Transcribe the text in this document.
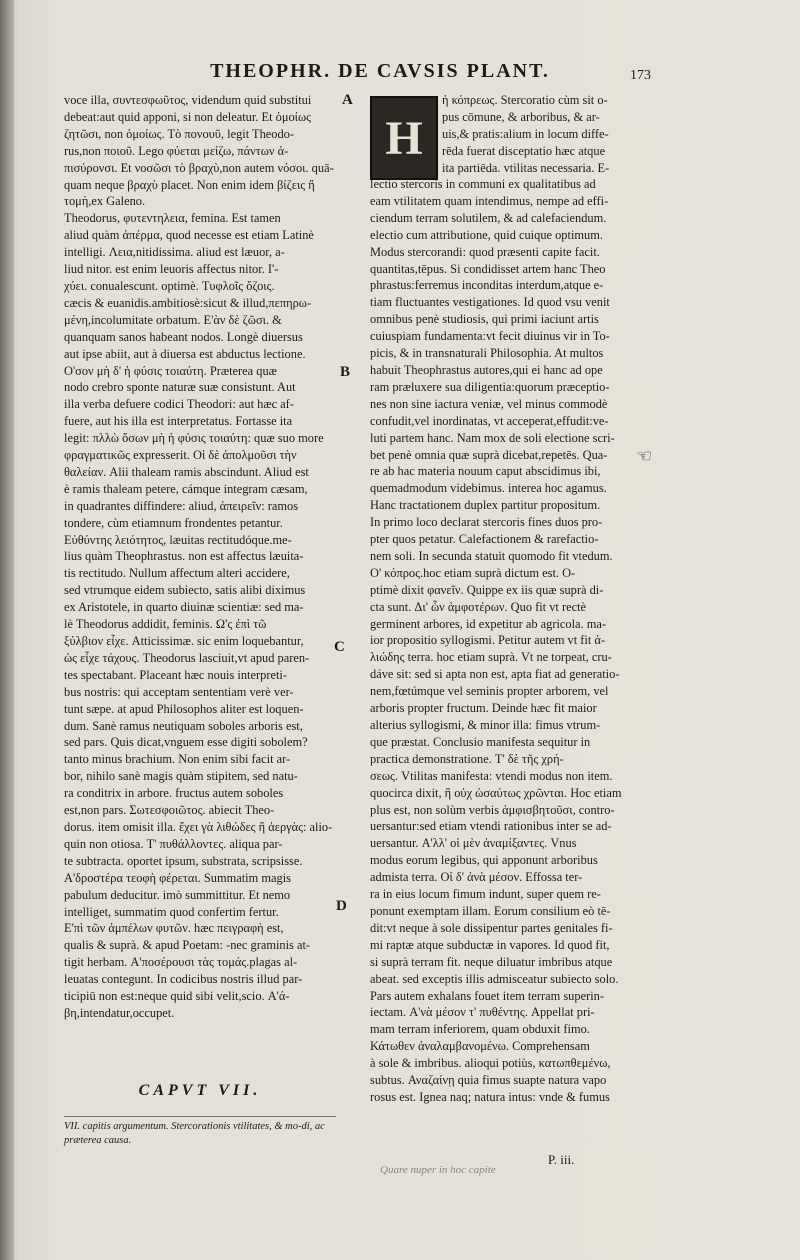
THEOPHR. DE CAVSIS PLANT.	173
A
B
C
D
voce illa, συντεσφωῦτος, videndum quid substitui
debeat:aut quid apponi, si non deleatur. Et ὁμοίως
ζητῶσι, non ὁμοίως. Τὸ πονουῦ, legit Theodo-
rus,non ποιοῦ. Lego φύεται μείζω, πάντων ἀ-
πισύρονσι. Et νοσῶσι τὸ βραχὺ,non autem νόσοι. quā-
quam neque βραχὺ placet. Non enim idem βίζεις ἢ
τομὴ,ex Galeno.
Theodorus, φυτεντηλεια, femina. Est tamen
aliud quàm ἀπέρμα, quod necesse est etiam Latinè
intelligi. Λεια,nitidissima. aliud est læuor, a-
liud nitor. est enim leuoris affectus nitor. Ι'-
χύει. conualescunt. optimè. Τυφλοῖς ὄζοις.
cæcis & euanidis.ambitiosè:sicut & illud,πεπηρω-
μένη,incolumitate orbatum. Ε'ὰν δὲ ζῶσι. &
quanquam sanos habeant nodos. Longè diuersus
aut ipse abiit, aut à diuersa est abductus lectione.
Ο'σον μὴ δ' ἡ φύσις τοιαύτη. Præterea quæ
nodo crebro sponte naturæ suæ consistunt. Aut
illa verba defuere codici Theodori: aut hæc af-
fuere, aut his illa est interpretatus. Fortasse ita
legit: πλλὼ ὅσων μὴ ἡ φύσις τοιαύτη: quæ suo more
φραγματικῶς expresserit. Οἱ δὲ ἀπολμοῦσι τὴν
θαλείαν. Alii thaleam ramis abscindunt. Aliud est
è ramis thaleam petere, cámque integram cæsam,
in quadrantes diffindere: aliud, ἀπειρεῖν: ramos
tondere, cùm etiamnum frondentes petantur.
Εὐθύντης λειότητος, læuitas rectitudóque.me-
lius quàm Theophrastus. non est affectus læuita-
tis rectitudo. Nullum affectum alteri accidere,
sed vtrumque eidem subiecto, satis alibi diximus
ex Aristotele, in quarto diuinæ scientiæ: sed ma-
lè Theodorus addidit, feminis. Ω'ς ἐπὶ τῶ
ξύλβιον εἶχε. Atticissimæ. sic enim loquebantur,
ὡς εἶχε τάχους. Theodorus lasciuit,vt apud paren-
tes spectabant. Placeant hæc nouis interpreti-
bus nostris: qui acceptam sententiam verè ver-
tunt sæpe. at apud Philosophos aliter est loquen-
dum. Sanè ramus neutiquam soboles arboris est,
sed pars. Quis dicat,vnguem esse digiti sobolem?
tanto minus brachium. Non enim sibi facit ar-
bor, nihilo sanè magis quàm stipitem, sed natu-
ra conditrix in arbore. fructus autem soboles
est,non pars. Σωτεσφοιῶτος. abiecit Theo-
dorus. item omisit illa. ἔχει γὰ λιθώδες ἢ ἀεργὰς: alio-
quin non otiosa. Τ' πυθάλλοντες. aliqua par-
te subtracta. oportet ipsum, substrata, scripsisse.
Α'δροστέρα τεοφὴ φέρεται. Summatim magis
pabulum deducitur. imò summittitur. Et nemo
intelliget, summatim quod confertim fertur.
Ε'πὶ τῶν ἀμπέλων φυτῶν. hæc πειγραφὴ est,
qualis & suprà. & apud Poetam: -nec graminis at-
tigit herbam. Α'ποσέρουσι τὰς τομάς.plagas al-
leuatas contegunt. In codicibus nostris illud par-
ticipiū non est:neque quid sibi velit,scio. Α'ά-
βη,intendatur,occupet.
H
ἡ κόπρεως. Stercoratio cùm sit o-
pus cōmune, & arboribus, & ar-
uis,& pratis:alium in locum diffe-
rēda fuerat disceptatio hæc atque
ita partiēda. vtilitas necessaria. E-
lectio stercoris in communi ex qualitatibus ad
eam vtilitatem quam intendimus, nempe ad effi-
ciendum terram solutilem, & ad calefaciendum.
electio cum attributione, quid cuique optimum.
Modus stercorandi: quod præsenti capite facit.
quantitas,tēpus. Si condidisset artem hanc Theo
phrastus:ferremus inconditas interdum,atque e-
tiam fluctuantes vestigationes. Id quod vsu venit
omnibus penè studiosis, qui primi iaciunt artis
cuiuspiam fundamenta:vt fecit diuinus vir in To-
picis, & in transnaturali Philosophia. At multos
habuit Theophrastus autores,qui ei hanc ad ope
ram præluxere sua diligentia:quorum præceptio-
nes non sine iactura veniæ, vel minus commodè
confudit,vel inordinatas, vt acceperat,effudit:ve-
luti partem hanc. Nam mox de soli electione scri-
bet penè omnia quæ suprà dicebat,repetēs. Qua-
re ab hac materia nouum caput abscidimus ibi,
quemadmodum videbimus. interea hoc agamus.
Hanc tractationem duplex partitur propositum.
In primo loco declarat stercoris fines duos pro-
pter quos petatur. Calefactionem & rarefactio-
nem soli. In secunda statuit quomodo fit vtedum.
Ο' κόπρος.hoc etiam suprà dictum est. O-
ptimè dixit φανεῖν. Quippe ex iis quæ suprà di-
cta sunt. Δι' ὧν ἀμφοτέρων. Quo fit vt rectè
germinent arbores, id expetitur ab agricola. ma-
ior propositio syllogismi. Petitur autem vt fit ἀ-
λιώδης terra. hoc etiam suprà. Vt ne torpeat, cru-
dáve sit: sed si apta non est, apta fiat ad generatio-
nem,fœtúmque vel seminis propter arborem, vel
arboris propter fructum. Deinde hæc fit maior
alterius syllogismi, & minor illa: fimus vtrum-
que præstat. Conclusio manifesta sequitur in
practica demonstratione. Τ' δὲ τῆς χρή-
σεως. Vtilitas manifesta: vtendi modus non item.
quocirca dixit, ἢ οὐχ ὡσαύτως χρῶνται. Hoc etiam
plus est, non solùm verbis ἀμφισβητοῦσι, contro-
uersantur:sed etiam vtendi rationibus inter se ad-
uersantur. Α'λλ' οἱ μὲν ἀναμίξαντες. Vnus
modus eorum legibus, qui apponunt arboribus
admista terra. Οἱ δ' ἀνὰ μέσον. Effossa ter-
ra in eius locum fimum indunt, super quem re-
ponunt exemptam illam. Eorum consilium eò tē-
dit:vt neque à sole dissipentur partes genitales fi-
mi raptæ atque subductæ in vapores. Id quod fit,
si suprà terram fit. neque diluatur imbribus atque
abeat. sed exceptis illis admisceatur subiecto solo.
Pars autem exhalans fouet item terram superin-
iectam. Α'νὰ μέσον τ' πυθέντης. Appellat pri-
mam terram inferiorem, quam obduxit fimo.
Κάτωθεν ἀναλαμβανομένω. Comprehensam
à sole & imbribus. alioqui potiùs, κατωπθεμένω,
subtus. Αναζαίνῃ quia fimus suapte natura vapo
rosus est. Ignea naq; natura intus: vnde & fumus
☜
CAPVT VII.
VII. capitis argumentum. Stercorationis vtilitates, & mo-di, ac præterea causa.
P. iii.
Quare nuper in hoc capite
